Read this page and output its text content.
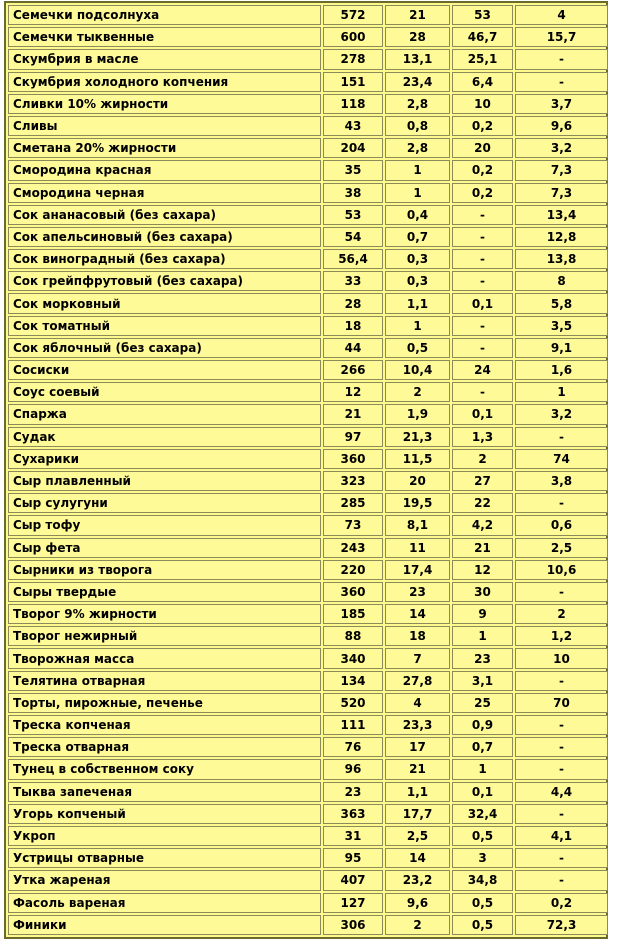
Семечки подсолнуха	572	21	53	4
Семечки тыквенные	600	28	46,7	15,7
Скумбрия в масле	278	13,1	25,1	-
Скумбрия холодного копчения	151	23,4	6,4	-
Сливки 10% жирности	118	2,8	10	3,7
Сливы	43	0,8	0,2	9,6
Сметана 20% жирности	204	2,8	20	3,2
Смородина красная	35	1	0,2	7,3
Смородина черная	38	1	0,2	7,3
Сок ананасовый (без сахара)	53	0,4	-	13,4
Сок апельсиновый (без сахара)	54	0,7	-	12,8
Сок виноградный (без сахара)	56,4	0,3	-	13,8
Сок грейпфрутовый (без сахара)	33	0,3	-	8
Сок морковный	28	1,1	0,1	5,8
Сок томатный	18	1	-	3,5
Сок яблочный (без сахара)	44	0,5	-	9,1
Сосиски	266	10,4	24	1,6
Соус соевый	12	2	-	1
Спаржа	21	1,9	0,1	3,2
Судак	97	21,3	1,3	-
Сухарики	360	11,5	2	74
Сыр плавленный	323	20	27	3,8
Сыр сулугуни	285	19,5	22	-
Сыр тофу	73	8,1	4,2	0,6
Сыр фета	243	11	21	2,5
Сырники из творога	220	17,4	12	10,6
Сыры твердые	360	23	30	-
Творог 9% жирности	185	14	9	2
Творог нежирный	88	18	1	1,2
Творожная масса	340	7	23	10
Телятина отварная	134	27,8	3,1	-
Торты, пирожные, печенье	520	4	25	70
Треска копченая	111	23,3	0,9	-
Треска отварная	76	17	0,7	-
Тунец в собственном соку	96	21	1	-
Тыква запеченая	23	1,1	0,1	4,4
Угорь копченый	363	17,7	32,4	-
Укроп	31	2,5	0,5	4,1
Устрицы отварные	95	14	3	-
Утка жареная	407	23,2	34,8	-
Фасоль вареная	127	9,6	0,5	0,2
Финики	306	2	0,5	72,3
